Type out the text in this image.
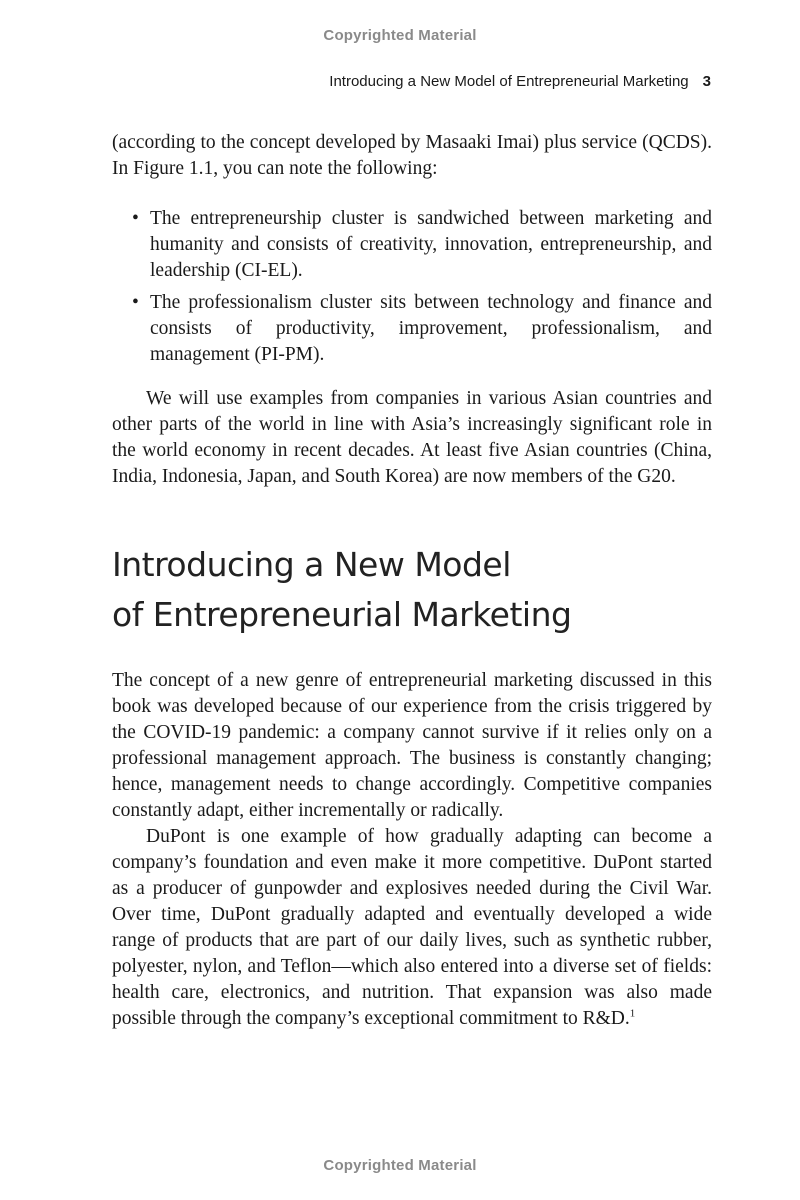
Copyrighted Material
Introducing a New Model of Entrepreneurial Marketing 3

(according to the concept developed by Masaaki Imai) plus service (QCDS). In Figure 1.1, you can note the following:

• The entrepreneurship cluster is sandwiched between marketing and humanity and consists of creativity, innovation, entrepreneurship, and leadership (CI-EL).
• The professionalism cluster sits between technology and finance and consists of productivity, improvement, professionalism, and management (PI-PM).

We will use examples from companies in various Asian countries and other parts of the world in line with Asia’s increasingly significant role in the world economy in recent decades. At least five Asian countries (China, India, Indonesia, Japan, and South Korea) are now members of the G20.

Introducing a New Model
of Entrepreneurial Marketing

The concept of a new genre of entrepreneurial marketing discussed in this book was developed because of our experience from the crisis triggered by the COVID-19 pandemic: a company cannot survive if it relies only on a professional management approach. The business is constantly changing; hence, management needs to change accordingly. Competitive companies constantly adapt, either incrementally or radically.

DuPont is one example of how gradually adapting can become a company’s foundation and even make it more competitive. DuPont started as a producer of gunpowder and explosives needed during the Civil War. Over time, DuPont gradually adapted and eventually developed a wide range of products that are part of our daily lives, such as synthetic rubber, polyester, nylon, and Teflon—which also entered into a diverse set of fields: health care, electronics, and nutrition. That expansion was also made possible through the company’s exceptional commitment to R&D.$^1$

Copyrighted Material
